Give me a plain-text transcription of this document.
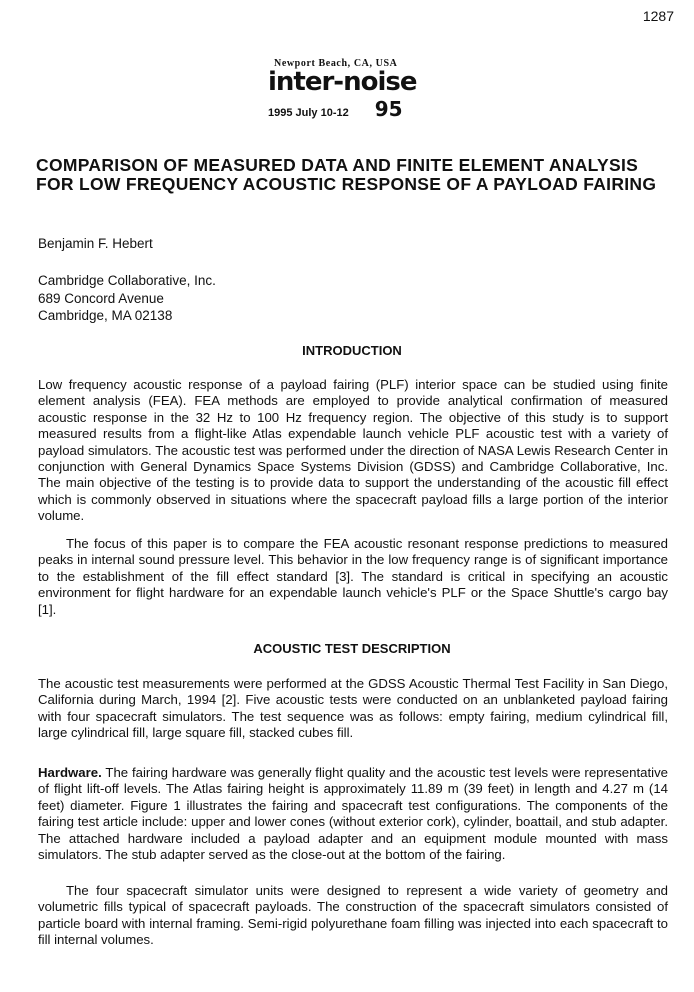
1287
Newport Beach, CA, USA
inter-noise
1995 July 10-12 95
COMPARISON OF MEASURED DATA AND FINITE ELEMENT ANALYSIS FOR LOW FREQUENCY ACOUSTIC RESPONSE OF A PAYLOAD FAIRING
Benjamin F. Hebert
Cambridge Collaborative, Inc.
689 Concord Avenue
Cambridge, MA 02138
INTRODUCTION

Low frequency acoustic response of a payload fairing (PLF) interior space can be studied using finite element analysis (FEA). FEA methods are employed to provide analytical confirmation of measured acoustic response in the 32 Hz to 100 Hz frequency region. The objective of this study is to support measured results from a flight-like Atlas expendable launch vehicle PLF acoustic test with a variety of payload simulators. The acoustic test was performed under the direction of NASA Lewis Research Center in conjunction with General Dynamics Space Systems Division (GDSS) and Cambridge Collaborative, Inc. The main objective of the testing is to provide data to support the understanding of the acoustic fill effect which is commonly observed in situations where the spacecraft payload fills a large portion of the interior volume.

The focus of this paper is to compare the FEA acoustic resonant response predictions to measured peaks in internal sound pressure level. This behavior in the low frequency range is of significant importance to the establishment of the fill effect standard [3]. The standard is critical in specifying an acoustic environment for flight hardware for an expendable launch vehicle's PLF or the Space Shuttle's cargo bay [1].

ACOUSTIC TEST DESCRIPTION

The acoustic test measurements were performed at the GDSS Acoustic Thermal Test Facility in San Diego, California during March, 1994 [2]. Five acoustic tests were conducted on an unblanketed payload fairing with four spacecraft simulators. The test sequence was as follows: empty fairing, medium cylindrical fill, large cylindrical fill, large square fill, stacked cubes fill.

Hardware. The fairing hardware was generally flight quality and the acoustic test levels were representative of flight lift-off levels. The Atlas fairing height is approximately 11.89 m (39 feet) in length and 4.27 m (14 feet) diameter. Figure 1 illustrates the fairing and spacecraft test configurations. The components of the fairing test article include: upper and lower cones (without exterior cork), cylinder, boattail, and stub adapter. The attached hardware included a payload adapter and an equipment module mounted with mass simulators. The stub adapter served as the close-out at the bottom of the fairing.

The four spacecraft simulator units were designed to represent a wide variety of geometry and volumetric fills typical of spacecraft payloads. The construction of the spacecraft simulators consisted of particle board with internal framing. Semi-rigid polyurethane foam filling was injected into each spacecraft to fill internal volumes.
